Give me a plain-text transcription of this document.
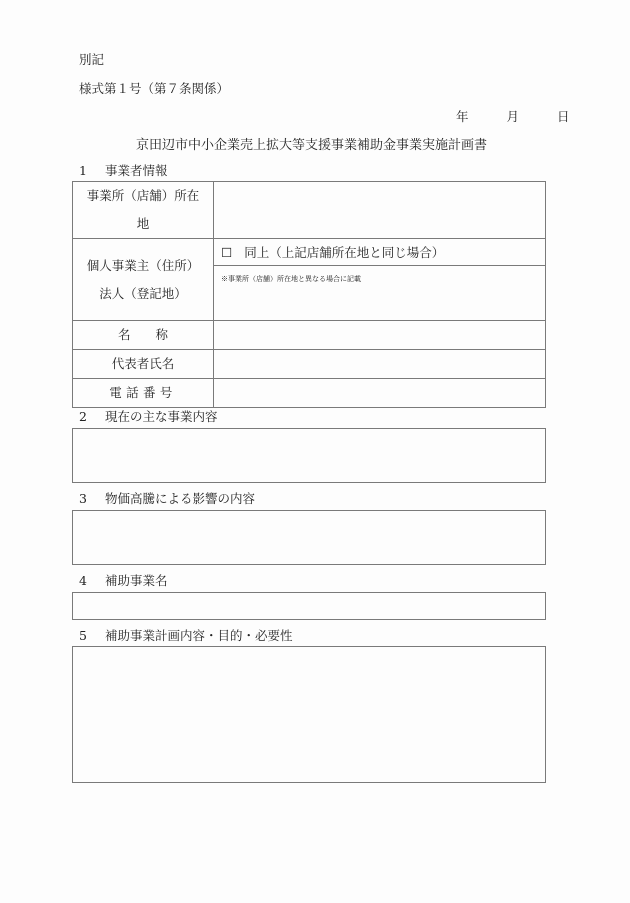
別記
様式第１号（第７条関係）
年	月	日
京田辺市中小企業売上拡大等支援事業補助金事業実施計画書
1 事業者情報
事業所（店舗）所在
地	

個人事業主（住所）
法人（登記地）	☐ 同上（上記店舗所在地と同じ場合）
	※事業所（店舗）所在地と異なる場合に記載
名　　称	
代表者氏名	
電話番号	
2 現在の主な事業内容
3 物価高騰による影響の内容
4 補助事業名
5 補助事業計画内容・目的・必要性
